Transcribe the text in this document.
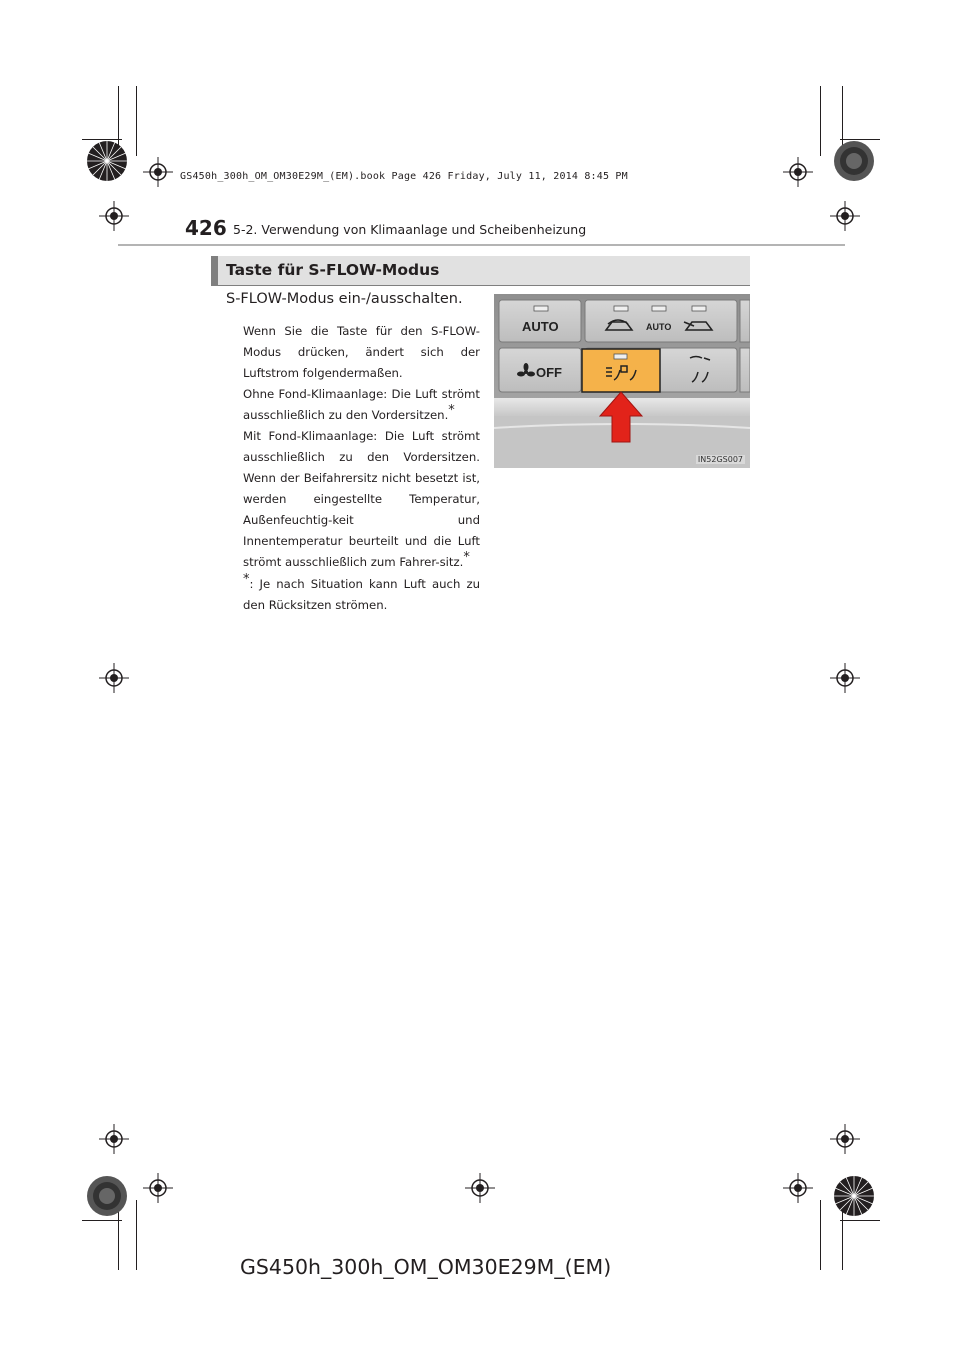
GS450h_300h_OM_OM30E29M_(EM).book Page 426 Friday, July 11, 2014 8:45 PM
426 5-2. Verwendung von Klimaanlage und Scheibenheizung
Taste für S-FLOW-Modus
S-FLOW-Modus ein-/ausschalten.
Wenn Sie die Taste für den S-FLOW-Modus drücken, ändert sich der Luftstrom folgendermaßen.
Ohne Fond-Klimaanlage: Die Luft strömt ausschließlich zu den Vordersitzen.*
Mit Fond-Klimaanlage: Die Luft strömt ausschließlich zu den Vordersitzen. Wenn der Beifahrersitz nicht besetzt ist, werden eingestellte Temperatur, Außenfeuchtig-keit und Innentemperatur beurteilt und die Luft strömt ausschließlich zum Fahrer-sitz.*
*: Je nach Situation kann Luft auch zu den Rücksitzen strömen.
AUTO	AUTO
OFF
IN52GS007
GS450h_300h_OM_OM30E29M_(EM)
